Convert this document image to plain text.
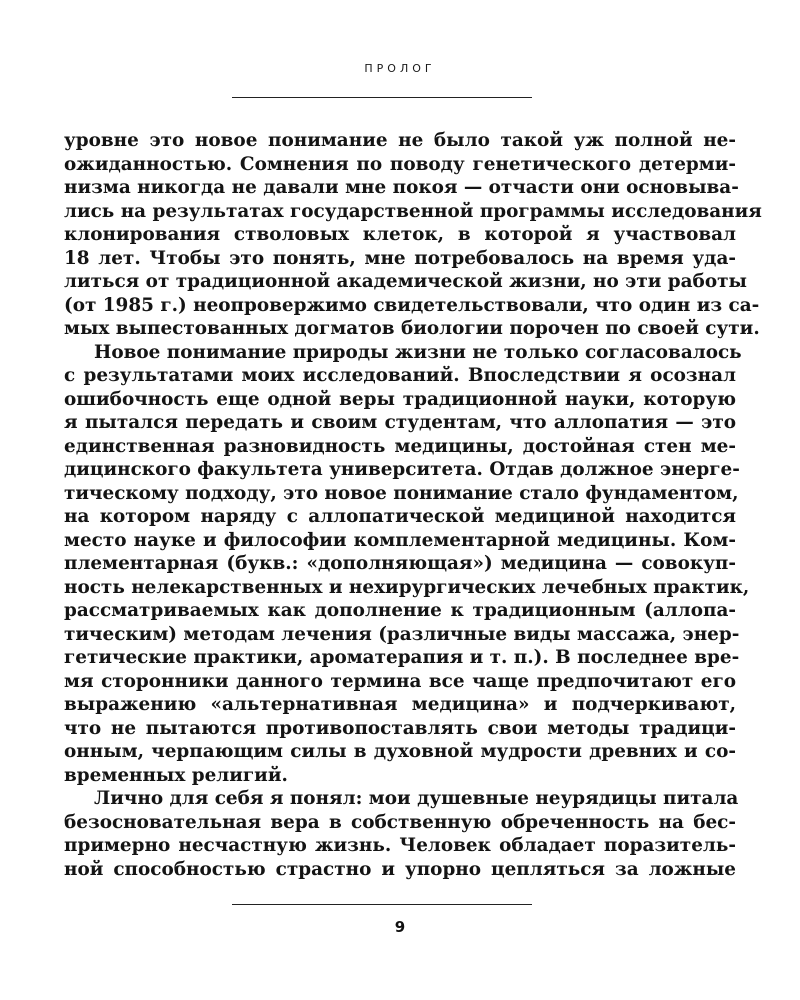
ПРОЛОГ
уровне это новое понимание не было такой уж полной не-
ожиданностью. Сомнения по поводу генетического детерми-
низма никогда не давали мне покоя — отчасти они основыва-
лись на результатах государственной программы исследования
клонирования стволовых клеток, в которой я участвовал
18 лет. Чтобы это понять, мне потребовалось на время уда-
литься от традиционной академической жизни, но эти работы
(от 1985 г.) неопровержимо свидетельствовали, что один из са-
мых выпестованных догматов биологии порочен по своей сути.
Новое понимание природы жизни не только согласовалось
с результатами моих исследований. Впоследствии я осознал
ошибочность еще одной веры традиционной науки, которую
я пытался передать и своим студентам, что аллопатия — это
единственная разновидность медицины, достойная стен ме-
дицинского факультета университета. Отдав должное энерге-
тическому подходу, это новое понимание стало фундаментом,
на котором наряду с аллопатической медициной находится
место науке и философии комплементарной медицины. Ком-
плементарная (букв.: «дополняющая») медицина — совокуп-
ность нелекарственных и нехирургических лечебных практик,
рассматриваемых как дополнение к традиционным (аллопа-
тическим) методам лечения (различные виды массажа, энер-
гетические практики, ароматерапия и т. п.). В последнее вре-
мя сторонники данного термина все чаще предпочитают его
выражению «альтернативная медицина» и подчеркивают,
что не пытаются противопоставлять свои методы традици-
онным, черпающим силы в духовной мудрости древних и со-
временных религий.
Лично для себя я понял: мои душевные неурядицы питала
безосновательная вера в собственную обреченность на бес-
примерно несчастную жизнь. Человек обладает поразитель-
ной способностью страстно и упорно цепляться за ложные
9
